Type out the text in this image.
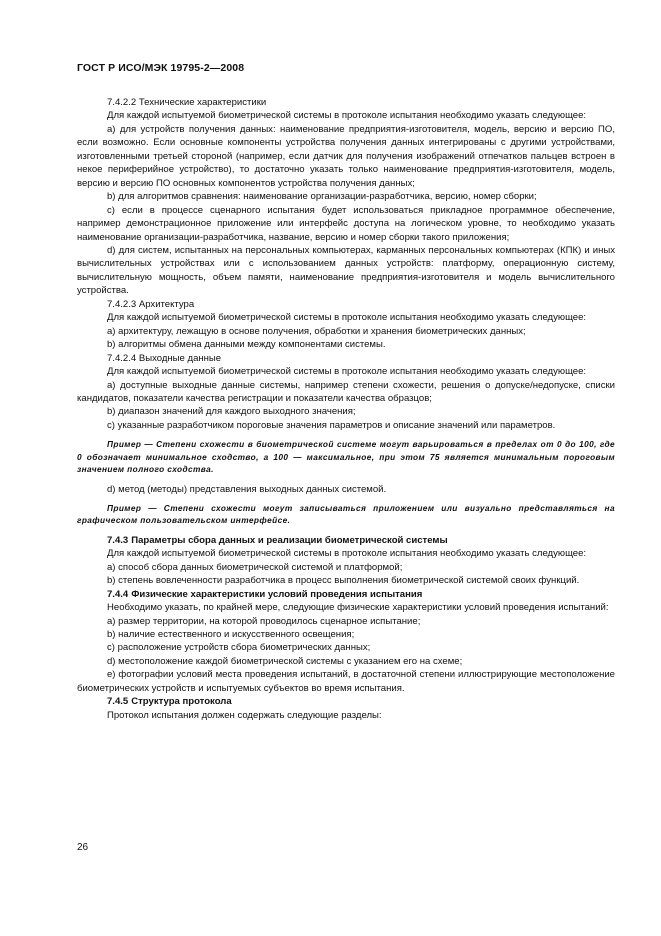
ГОСТ Р ИСО/МЭК 19795-2—2008

7.4.2.2 Технические характеристики

Для каждой испытуемой биометрической системы в протоколе испытания необходимо указать следующее:

a) для устройств получения данных: наименование предприятия-изготовителя, модель, версию и версию ПО, если возможно. Если основные компоненты устройства получения данных интегрированы с другими устройствами, изготовленными третьей стороной (например, если датчик для получения изображений отпечатков пальцев встроен в некое периферийное устройство), то достаточно указать только наименование предприятия-изготовителя, модель, версию и версию ПО основных компонентов устройства получения данных;

b) для алгоритмов сравнения: наименование организации-разработчика, версию, номер сборки;

c) если в процессе сценарного испытания будет использоваться прикладное программное обеспечение, например демонстрационное приложение или интерфейс доступа на логическом уровне, то необходимо указать наименование организации-разработчика, название, версию и номер сборки такого приложения;

d) для систем, испытанных на персональных компьютерах, карманных персональных компьютерах (КПК) и иных вычислительных устройствах или с использованием данных устройств: платформу, операционную систему, вычислительную мощность, объем памяти, наименование предприятия-изготовителя и модель вычислительного устройства.

7.4.2.3 Архитектура

Для каждой испытуемой биометрической системы в протоколе испытания необходимо указать следующее:

a) архитектуру, лежащую в основе получения, обработки и хранения биометрических данных;

b) алгоритмы обмена данными между компонентами системы.

7.4.2.4 Выходные данные

Для каждой испытуемой биометрической системы в протоколе испытания необходимо указать следующее:

a) доступные выходные данные системы, например степени схожести, решения о допуске/недопуске, списки кандидатов, показатели качества регистрации и показатели качества образцов;

b) диапазон значений для каждого выходного значения;

c) указанные разработчиком пороговые значения параметров и описание значений или параметров.

Пример — Степени схожести в биометрической системе могут варьироваться в пределах от 0 до 100, где 0 обозначает минимальное сходство, а 100 — максимальное, при этом 75 является минимальным пороговым значением полного сходства.

d) метод (методы) представления выходных данных системой.

Пример — Степени схожести могут записываться приложением или визуально представляться на графическом пользовательском интерфейсе.

7.4.3 Параметры сбора данных и реализации биометрической системы

Для каждой испытуемой биометрической системы в протоколе испытания необходимо указать следующее:

a) способ сбора данных биометрической системой и платформой;

b) степень вовлеченности разработчика в процесс выполнения биометрической системой своих функций.

7.4.4 Физические характеристики условий проведения испытания

Необходимо указать, по крайней мере, следующие физические характеристики условий проведения испытаний:

a) размер территории, на которой проводилось сценарное испытание;

b) наличие естественного и искусственного освещения;

c) расположение устройств сбора биометрических данных;

d) местоположение каждой биометрической системы с указанием его на схеме;

e) фотографии условий места проведения испытаний, в достаточной степени иллюстрирующие местоположение биометрических устройств и испытуемых субъектов во время испытания.

7.4.5 Структура протокола

Протокол испытания должен содержать следующие разделы:

26
